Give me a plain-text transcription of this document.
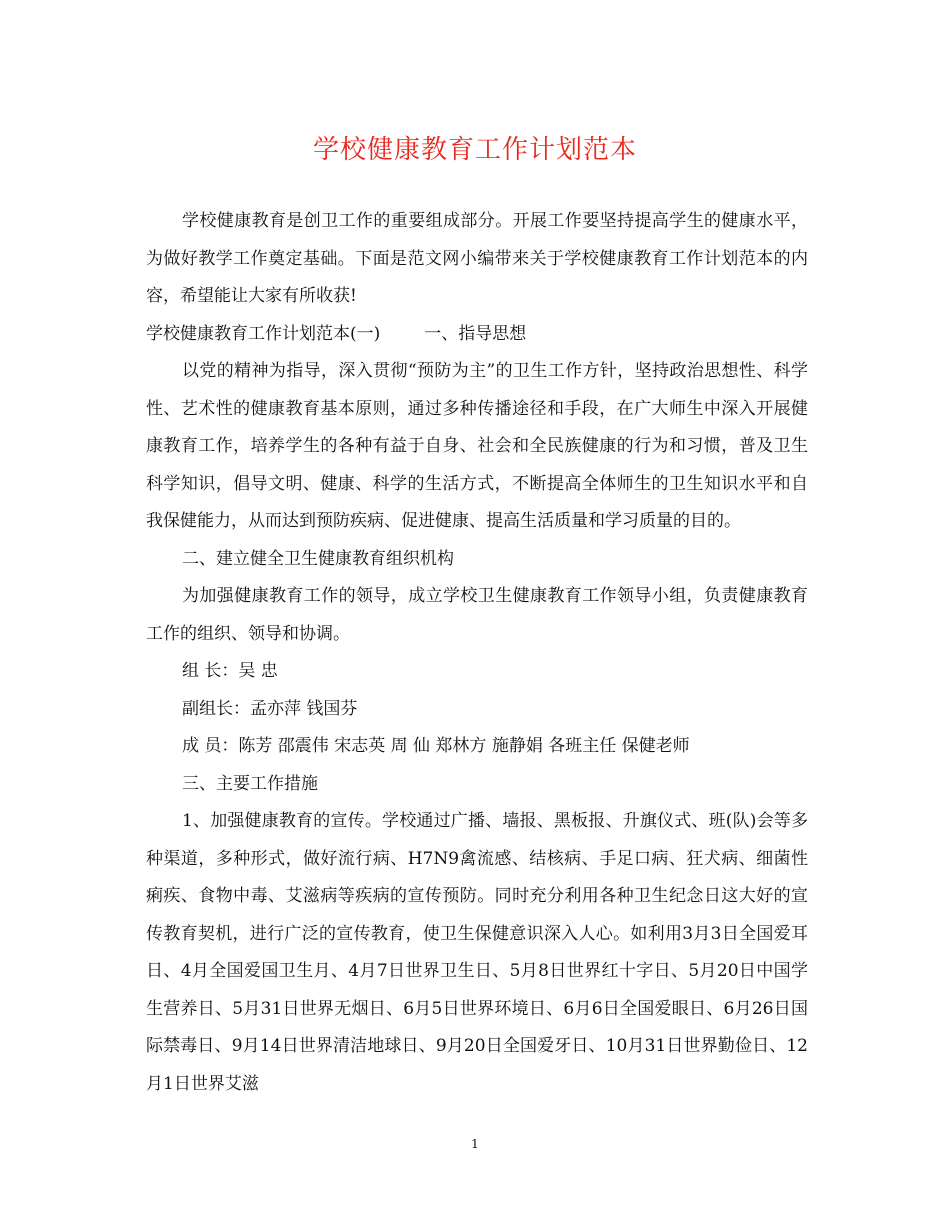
学校健康教育工作计划范本

学校健康教育是创卫工作的重要组成部分。开展工作要坚持提高学生的健康水平，为做好教学工作奠定基础。下面是范文网小编带来关于学校健康教育工作计划范本的内容，希望能让大家有所收获!

学校健康教育工作计划范本(一)	一、指导思想

以党的精神为指导，深入贯彻“预防为主”的卫生工作方针，坚持政治思想性、科学性、艺术性的健康教育基本原则，通过多种传播途径和手段，在广大师生中深入开展健康教育工作，培养学生的各种有益于自身、社会和全民族健康的行为和习惯，普及卫生科学知识，倡导文明、健康、科学的生活方式，不断提高全体师生的卫生知识水平和自我保健能力，从而达到预防疾病、促进健康、提高生活质量和学习质量的目的。

二、建立健全卫生健康教育组织机构

为加强健康教育工作的领导，成立学校卫生健康教育工作领导小组，负责健康教育工作的组织、领导和协调。

组 长：吴 忠

副组长：孟亦萍 钱国芬

成 员：陈芳 邵震伟 宋志英 周 仙 郑林方 施静娟 各班主任 保健老师

三、主要工作措施

1、加强健康教育的宣传。学校通过广播、墙报、黑板报、升旗仪式、班(队)会等多种渠道，多种形式，做好流行病、H7N9禽流感、结核病、手足口病、狂犬病、细菌性痢疾、食物中毒、艾滋病等疾病的宣传预防。同时充分利用各种卫生纪念日这大好的宣传教育契机，进行广泛的宣传教育，使卫生保健意识深入人心。如利用3月3日全国爱耳日、4月全国爱国卫生月、4月7日世界卫生日、5月8日世界红十字日、5月20日中国学生营养日、5月31日世界无烟日、6月5日世界环境日、6月6日全国爱眼日、6月26日国际禁毒日、9月14日世界清洁地球日、9月20日全国爱牙日、10月31日世界勤俭日、12月1日世界艾滋

1
